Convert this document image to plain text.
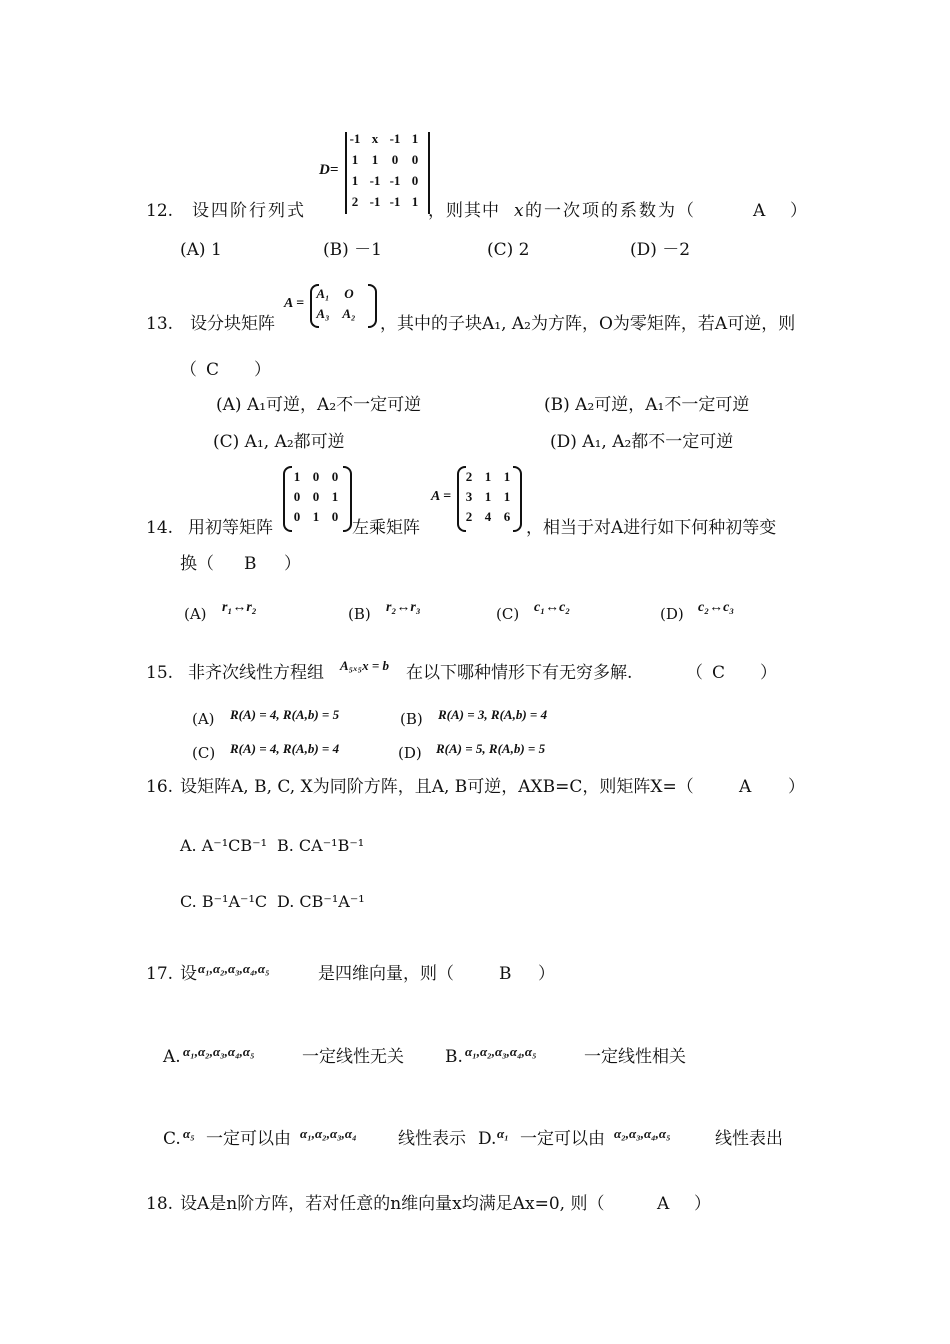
12. 设四阶行列式
D=
-1 x -1 1
1 1 0 0
1 -1 -1 0
2 -1 -1 1 ，则其中 x 的一次项的系数为（	A ）
(A) 1	(B) －1	(C) 2	(D) －2
13. 设分块矩阵
A =
A₁ O
A₃ A₂
，其中的子块A₁, A₂为方阵，O为零矩阵，若A可逆，则
（ C ）
(A) A₁可逆，A₂不一定可逆	(B) A₂可逆，A₁不一定可逆
(C) A₁, A₂都可逆	(D) A₁, A₂都不一定可逆
14. 用初等矩阵
1 0 0
0 0 1
0 1 0
左乘矩阵
A =
2 1 1
3 1 1
2 4 6
，相当于对A进行如下何种初等变
换（ B ）
(A) r₁↔r₂	(B) r₂↔r₃	(C) c₁↔c₂	(D) c₂↔c₃
15. 非齐次线性方程组 A₅ₓ₅x = b 在以下哪种情形下有无穷多解.	（ C ）
(A) R(A) = 4, R(A,b) = 5	(B) R(A) = 3, R(A,b) = 4
(C) R(A) = 4, R(A,b) = 4	(D) R(A) = 5, R(A,b) = 5
16. 设矩阵A, B, C, X为同阶方阵，且A, B可逆，AXB=C，则矩阵X=（	A ）
A. A⁻¹CB⁻¹ B. CA⁻¹B⁻¹
C. B⁻¹A⁻¹C D. CB⁻¹A⁻¹
17. 设 α₁,α₂,α₃,α₄,α₅	是四维向量，则（	B ）
A. α₁,α₂,α₃,α₄,α₅	一定线性无关 B. α₁,α₂,α₃,α₄,α₅	一定线性相关
C. α₅ 一定可以由 α₁,α₂,α₃,α₄ 线性表示 D. α₁ 一定可以由 α₂,α₃,α₄,α₅	线性表出
18. 设A是n阶方阵，若对任意的n维向量x均满足Ax=0, 则（	A ）
